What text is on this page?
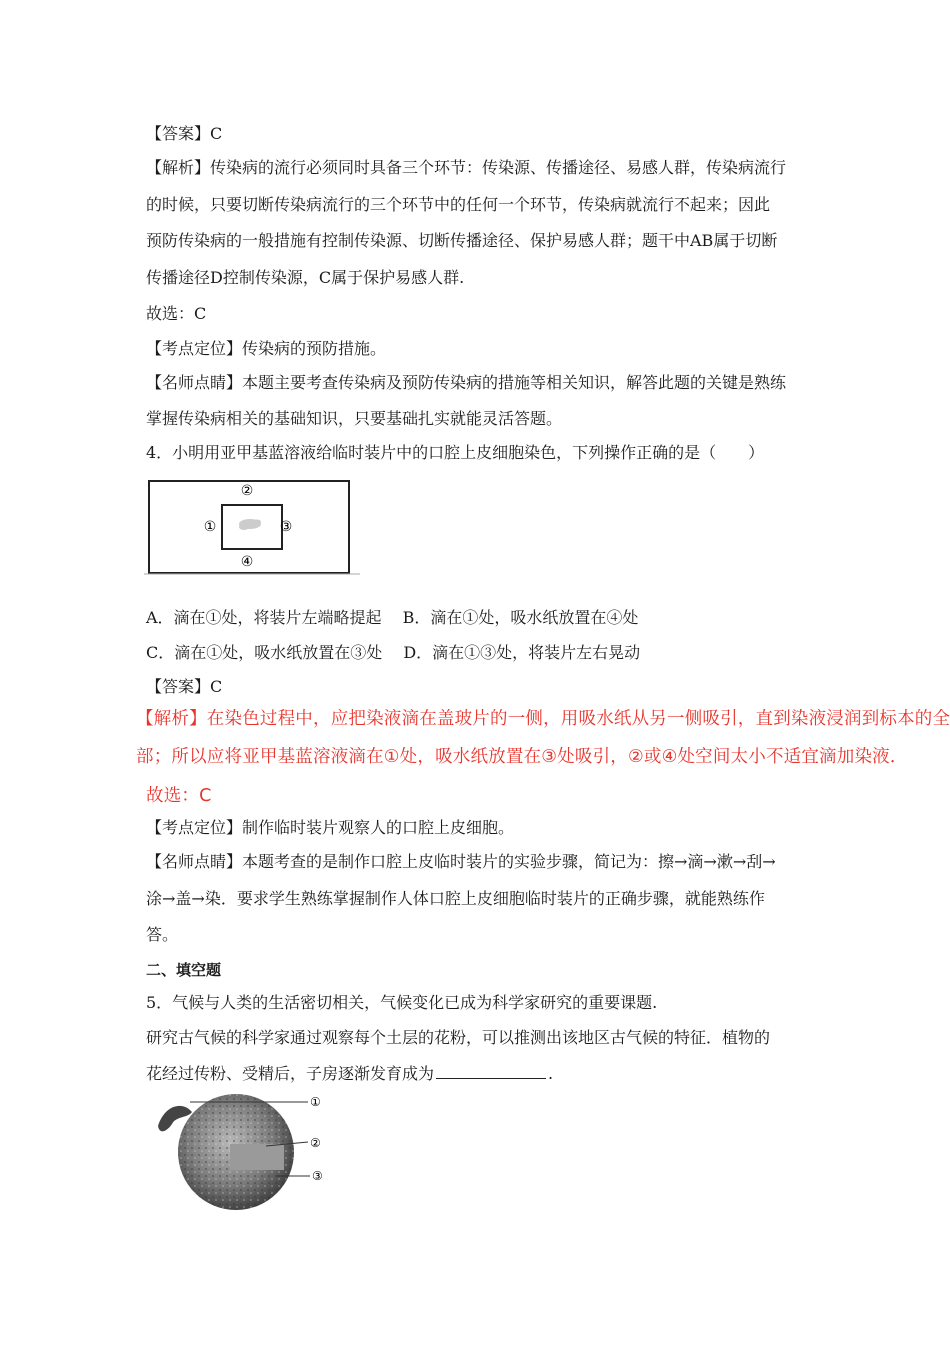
【答案】C
【解析】传染病的流行必须同时具备三个环节：传染源、传播途径、易感人群，传染病流行
的时候，只要切断传染病流行的三个环节中的任何一个环节，传染病就流行不起来；因此
预防传染病的一般措施有控制传染源、切断传播途径、保护易感人群；题干中AB属于切断
传播途径D控制传染源，C属于保护易感人群.
故选：C
【考点定位】传染病的预防措施。
【名师点睛】本题主要考查传染病及预防传染病的措施等相关知识，解答此题的关键是熟练
掌握传染病相关的基础知识，只要基础扎实就能灵活答题。
4．小明用亚甲基蓝溶液给临时装片中的口腔上皮细胞染色，下列操作正确的是（　　）
②
①	③
④
A．滴在①处，将装片左端略提起　 B．滴在①处，吸水纸放置在④处
C．滴在①处，吸水纸放置在③处　 D．滴在①③处，将装片左右晃动
【答案】C
【解析】在染色过程中，应把染液滴在盖玻片的一侧，用吸水纸从另一侧吸引，直到染液浸润到标本的全
部；所以应将亚甲基蓝溶液滴在①处，吸水纸放置在③处吸引，②或④处空间太小不适宜滴加染液．
故选：C
【考点定位】制作临时装片观察人的口腔上皮细胞。
【名师点睛】本题考查的是制作口腔上皮临时装片的实验步骤，简记为：擦→滴→漱→刮→
涂→盖→染．要求学生熟练掌握制作人体口腔上皮细胞临时装片的正确步骤，就能熟练作
答。
二、填空题
5．气候与人类的生活密切相关，气候变化已成为科学家研究的重要课题.
研究古气候的科学家通过观察每个土层的花粉，可以推测出该地区古气候的特征．植物的
花经过传粉、受精后，子房逐渐发育成为	.
①
②
③
